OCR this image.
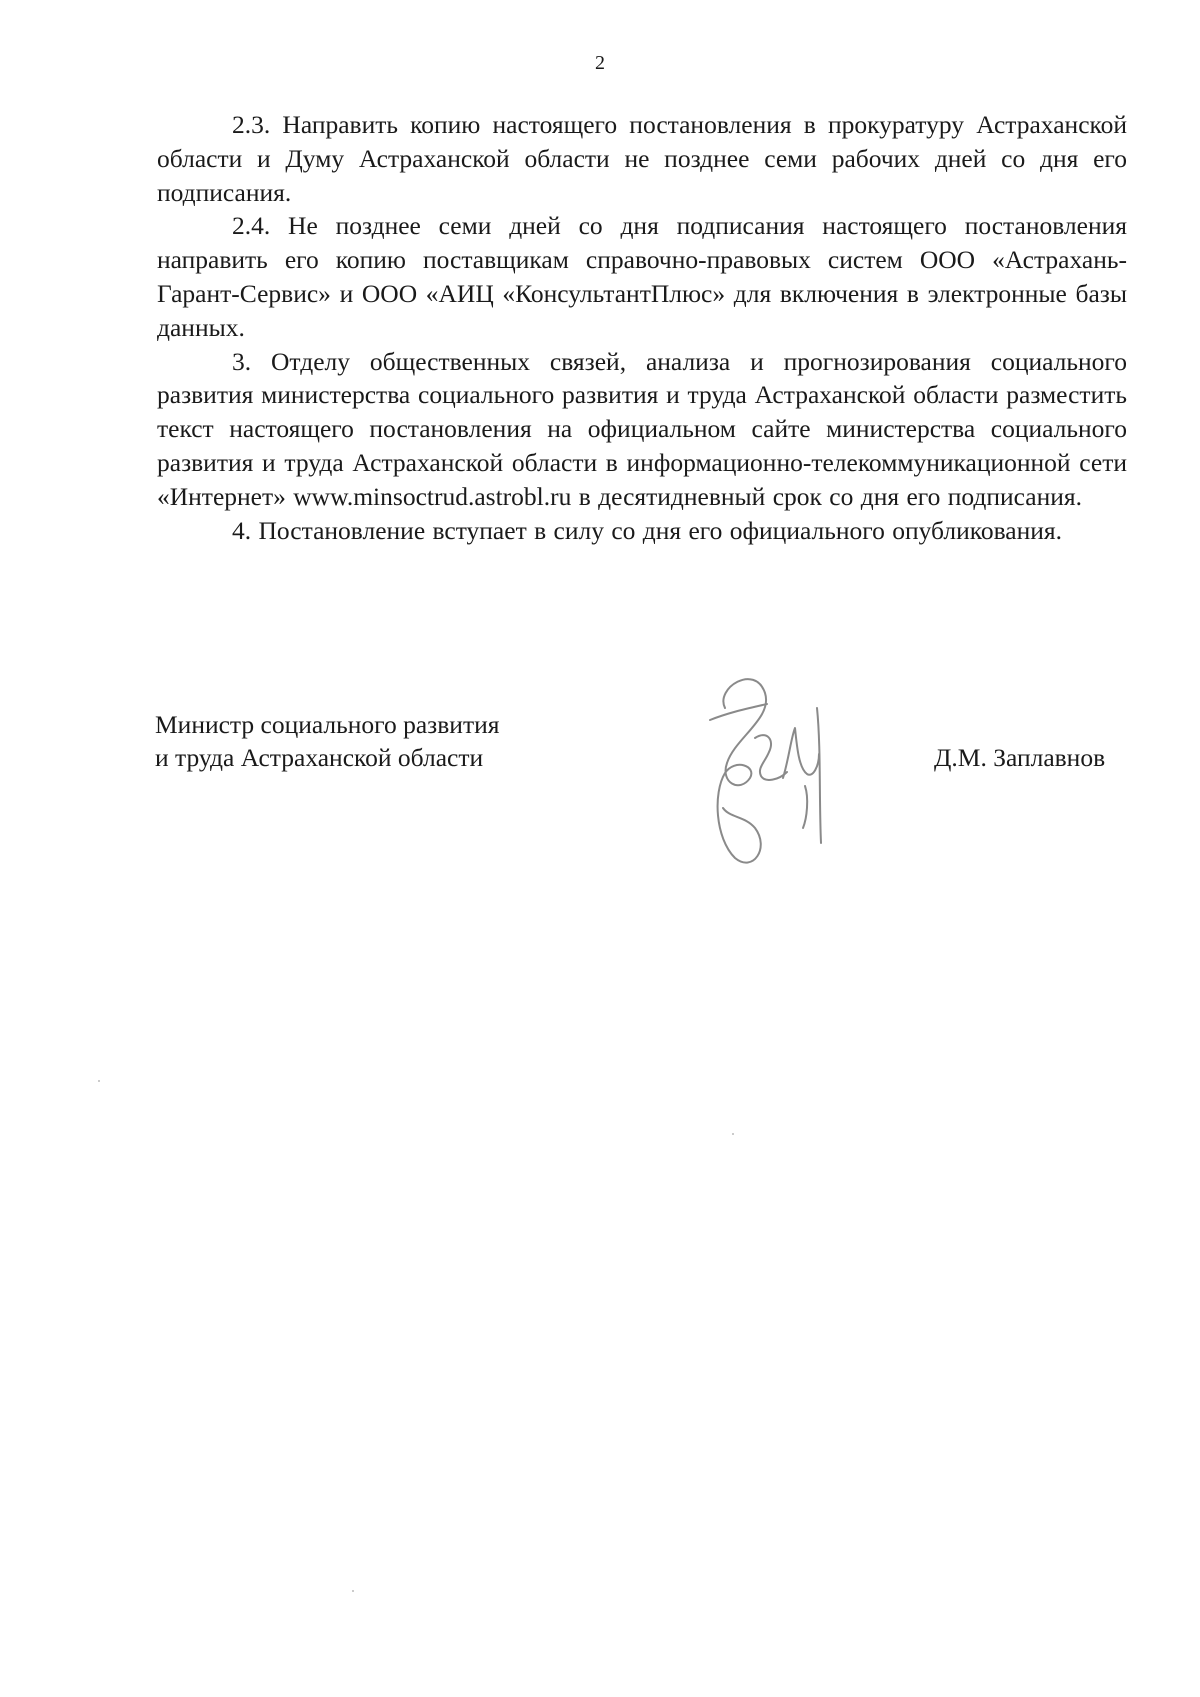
2

2.3. Направить копию настоящего постановления в прокуратуру Астраханской области и Думу Астраханской области не позднее семи рабочих дней со дня его подписания.

2.4. Не позднее семи дней со дня подписания настоящего постановления направить его копию поставщикам справочно-правовых систем ООО «Астрахань-Гарант-Сервис» и ООО «АИЦ «КонсультантПлюс» для включения в электронные базы данных.

3. Отделу общественных связей, анализа и прогнозирования социального развития министерства социального развития и труда Астраханской области разместить текст настоящего постановления на официальном сайте министерства социального развития и труда Астраханской области в информационно-телекоммуникационной сети «Интернет» www.minsoctrud.astrobl.ru в десятидневный срок со дня его подписания.

4. Постановление вступает в силу со дня его официального опубликования.

Министр социального развития
и труда Астраханской области	Д.М. Заплавнов
